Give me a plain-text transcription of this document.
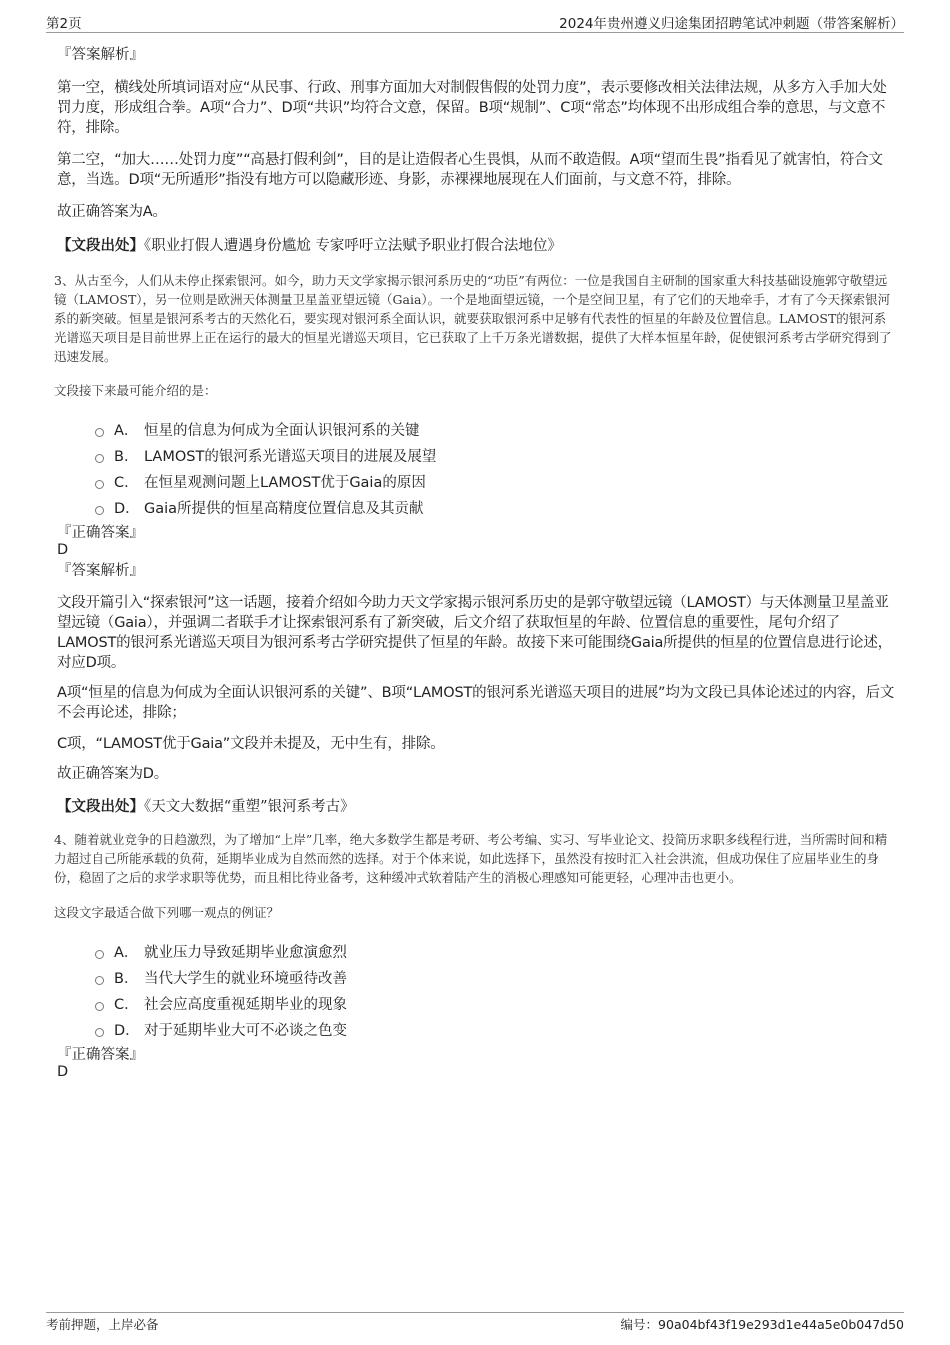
第2页	2024年贵州遵义归途集团招聘笔试冲刺题（带答案解析）

『答案解析』

第一空，横线处所填词语对应“从民事、行政、刑事方面加大对制假售假的处罚力度”，表示要修改相关法律法规，从多方入手加大处罚力度，形成组合拳。A项“合力”、D项“共识”均符合文意，保留。B项“规制”、C项“常态”均体现不出形成组合拳的意思，与文意不符，排除。

第二空，“加大……处罚力度”“高悬打假利剑”，目的是让造假者心生畏惧，从而不敢造假。A项“望而生畏”指看见了就害怕，符合文意，当选。D项“无所遁形”指没有地方可以隐藏形迹、身影，赤裸裸地展现在人们面前，与文意不符，排除。

故正确答案为A。

【文段出处】《职业打假人遭遇身份尴尬 专家呼吁立法赋予职业打假合法地位》

3、从古至今，人们从未停止探索银河。如今，助力天文学家揭示银河系历史的“功臣”有两位：一位是我国自主研制的国家重大科技基础设施郭守敬望远镜（LAMOST），另一位则是欧洲天体测量卫星盖亚望远镜（Gaia）。一个是地面望远镜，一个是空间卫星，有了它们的天地牵手，才有了今天探索银河系的新突破。恒星是银河系考古的天然化石，要实现对银河系全面认识，就要获取银河系中足够有代表性的恒星的年龄及位置信息。LAMOST的银河系光谱巡天项目是目前世界上正在运行的最大的恒星光谱巡天项目，它已获取了上千万条光谱数据，提供了大样本恒星年龄，促使银河系考古学研究得到了迅速发展。

文段接下来最可能介绍的是：

A． 恒星的信息为何成为全面认识银河系的关键
B． LAMOST的银河系光谱巡天项目的进展及展望
C． 在恒星观测问题上LAMOST优于Gaia的原因
D． Gaia所提供的恒星高精度位置信息及其贡献

『正确答案』

D

『答案解析』

文段开篇引入“探索银河”这一话题，接着介绍如今助力天文学家揭示银河系历史的是郭守敬望远镜（LAMOST）与天体测量卫星盖亚望远镜（Gaia），并强调二者联手才让探索银河系有了新突破，后文介绍了获取恒星的年龄、位置信息的重要性，尾句介绍了LAMOST的银河系光谱巡天项目为银河系考古学研究提供了恒星的年龄。故接下来可能围绕Gaia所提供的恒星的位置信息进行论述，对应D项。

A项“恒星的信息为何成为全面认识银河系的关键”、B项“LAMOST的银河系光谱巡天项目的进展”均为文段已具体论述过的内容，后文不会再论述，排除；

C项，“LAMOST优于Gaia”文段并未提及，无中生有，排除。

故正确答案为D。

【文段出处】《天文大数据“重塑”银河系考古》

4、随着就业竞争的日趋激烈，为了增加“上岸”几率，绝大多数学生都是考研、考公考编、实习、写毕业论文、投简历求职多线程行进，当所需时间和精力超过自己所能承载的负荷，延期毕业成为自然而然的选择。对于个体来说，如此选择下，虽然没有按时汇入社会洪流，但成功保住了应届毕业生的身份，稳固了之后的求学求职等优势，而且相比待业备考，这种缓冲式软着陆产生的消极心理感知可能更轻，心理冲击也更小。

这段文字最适合做下列哪一观点的例证？

A． 就业压力导致延期毕业愈演愈烈
B． 当代大学生的就业环境亟待改善
C． 社会应高度重视延期毕业的现象
D． 对于延期毕业大可不必谈之色变

『正确答案』

D

考前押题，上岸必备	编号：90a04bf43f19e293d1e44a5e0b047d50
